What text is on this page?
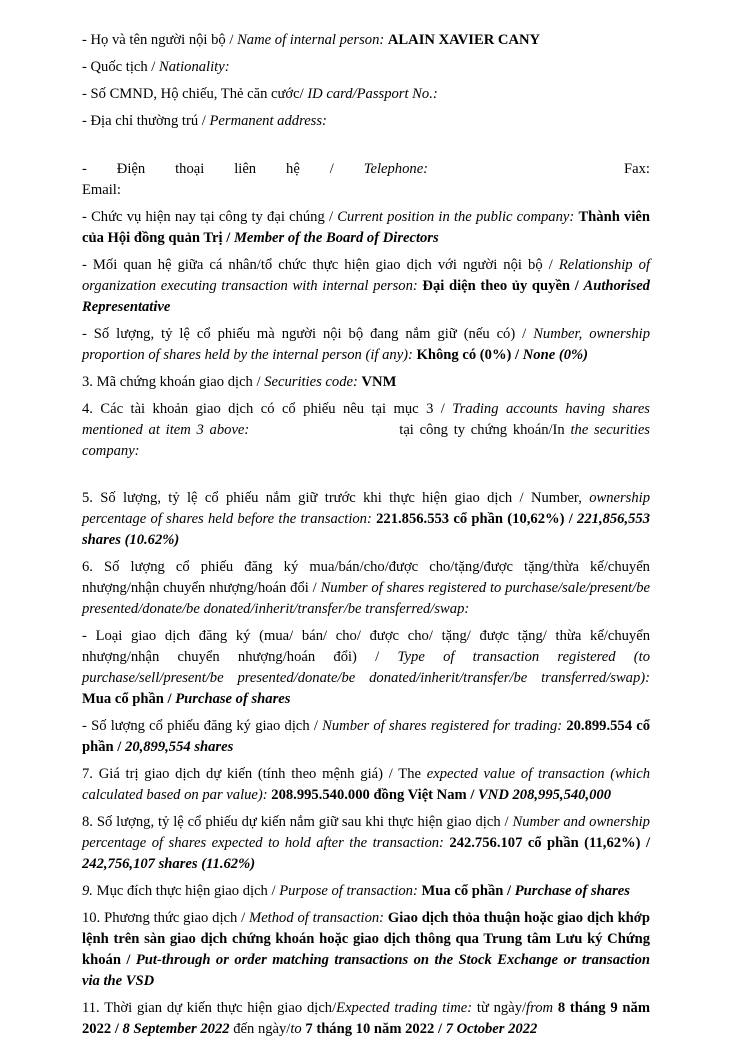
- Họ và tên người nội bộ / Name of internal person: ALAIN XAVIER CANY

- Quốc tịch / Nationality:

- Số CMND, Hộ chiếu, Thẻ căn cước/ ID card/Passport No.:

- Địa chỉ thường trú / Permanent address:

- Điện thoại liên hệ / Telephone:	Fax:

Email:

- Chức vụ hiện nay tại công ty đại chúng / Current position in the public company: Thành viên của Hội đồng quản Trị / Member of the Board of Directors

- Mối quan hệ giữa cá nhân/tổ chức thực hiện giao dịch với người nội bộ / Relationship of organization executing transaction with internal person: Đại diện theo ủy quyền / Authorised Representative

- Số lượng, tỷ lệ cổ phiếu mà người nội bộ đang nắm giữ (nếu có) / Number, ownership proportion of shares held by the internal person (if any): Không có (0%) / None (0%)

3. Mã chứng khoán giao dịch / Securities code: VNM

4. Các tài khoản giao dịch có cổ phiếu nêu tại mục 3 / Trading accounts having shares mentioned at item 3 above:	tại công ty chứng khoán/In the securities company:

5. Số lượng, tỷ lệ cổ phiếu nắm giữ trước khi thực hiện giao dịch / Number, ownership percentage of shares held before the transaction: 221.856.553 cổ phần (10,62%) / 221,856,553 shares (10.62%)

6. Số lượng cổ phiếu đăng ký mua/bán/cho/được cho/tặng/được tặng/thừa kế/chuyển nhượng/nhận chuyển nhượng/hoán đổi / Number of shares registered to purchase/sale/present/be presented/donate/be donated/inherit/transfer/be transferred/swap:

- Loại giao dịch đăng ký (mua/ bán/ cho/ được cho/ tặng/ được tặng/ thừa kế/chuyển nhượng/nhận chuyển nhượng/hoán đổi) / Type of transaction registered (to purchase/sell/present/be presented/donate/be donated/inherit/transfer/be transferred/swap): Mua cổ phần / Purchase of shares

- Số lượng cổ phiếu đăng ký giao dịch / Number of shares registered for trading: 20.899.554 cổ phần / 20,899,554 shares

7. Giá trị giao dịch dự kiến (tính theo mệnh giá) / The expected value of transaction (which calculated based on par value): 208.995.540.000 đồng Việt Nam / VND 208,995,540,000

8. Số lượng, tỷ lệ cổ phiếu dự kiến nắm giữ sau khi thực hiện giao dịch / Number and ownership percentage of shares expected to hold after the transaction: 242.756.107 cổ phần (11,62%) / 242,756,107 shares (11.62%)

9. Mục đích thực hiện giao dịch / Purpose of transaction: Mua cổ phần / Purchase of shares

10. Phương thức giao dịch / Method of transaction: Giao dịch thỏa thuận hoặc giao dịch khớp lệnh trên sàn giao dịch chứng khoán hoặc giao dịch thông qua Trung tâm Lưu ký Chứng khoán / Put-through or order matching transactions on the Stock Exchange or transaction via the VSD

11. Thời gian dự kiến thực hiện giao dịch/Expected trading time: từ ngày/from 8 tháng 9 năm 2022 / 8 September 2022 đến ngày/to 7 tháng 10 năm 2022 / 7 October 2022
